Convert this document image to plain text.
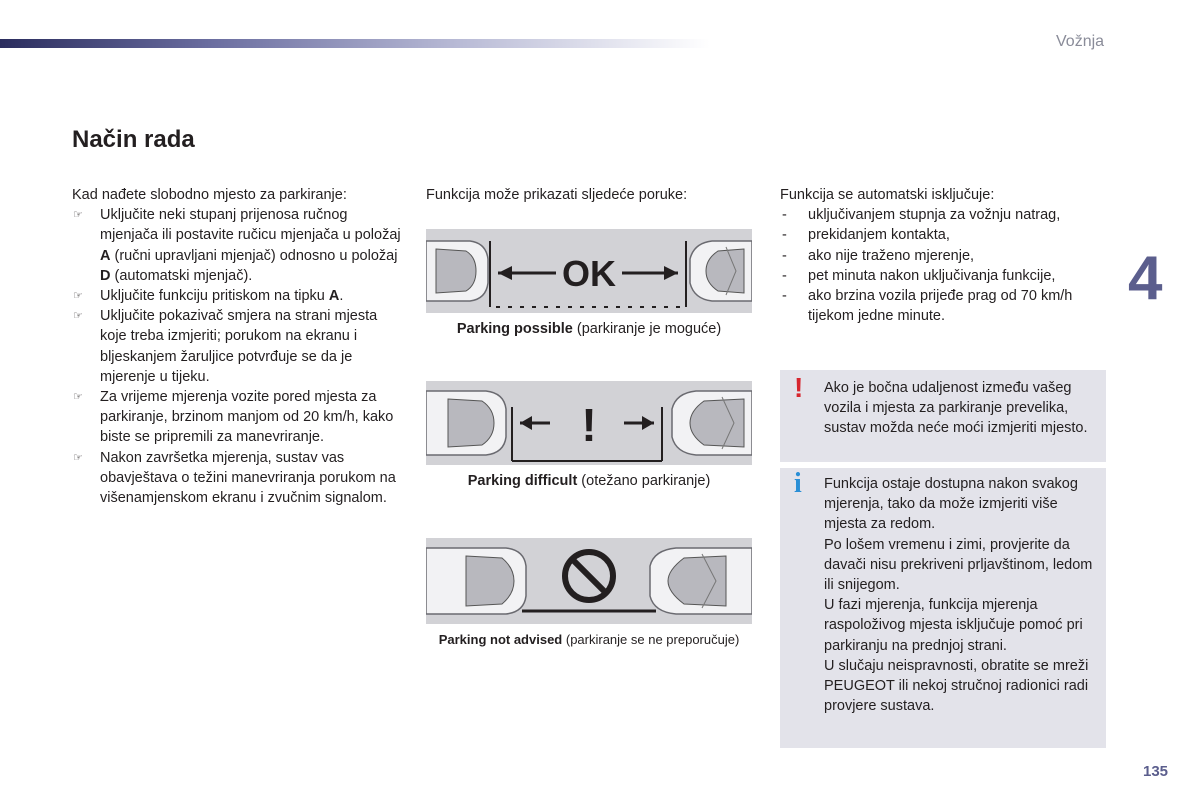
Vožnja
4
Način rada
Kad nađete slobodno mjesto za parkiranje:
☞ Uključite neki stupanj prijenosa ručnog mjenjača ili postavite ručicu mjenjača u položaj A (ručni upravljani mjenjač) odnosno u položaj D (automatski mjenjač).
☞ Uključite funkciju pritiskom na tipku A.
☞ Uključite pokazivač smjera na strani mjesta koje treba izmjeriti; porukom na ekranu i bljeskanjem žaruljice potvrđuje se da je mjerenje u tijeku.
☞ Za vrijeme mjerenja vozite pored mjesta za parkiranje, brzinom manjom od 20 km/h, kako biste se pripremili za manevriranje.
☞ Nakon završetka mjerenja, sustav vas obavještava o težini manevriranja porukom na višenamjenskom ekranu i zvučnim signalom.
Funkcija može prikazati sljedeće poruke:
OK
Parking possible (parkiranje je moguće)
!
Parking difficult (otežano parkiranje)
Parking not advised (parkiranje se ne preporučuje)
Funkcija se automatski isključuje:
- uključivanjem stupnja za vožnju natrag,
- prekidanjem kontakta,
- ako nije traženo mjerenje,
- pet minuta nakon uključivanja funkcije,
- ako brzina vozila prijeđe prag od 70 km/h tijekom jedne minute.
! Ako je bočna udaljenost između vašeg vozila i mjesta za parkiranje prevelika, sustav možda neće moći izmjeriti mjesto.
i Funkcija ostaje dostupna nakon svakog mjerenja, tako da može izmjeriti više mjesta za redom.
Po lošem vremenu i zimi, provjerite da davači nisu prekriveni prljavštinom, ledom ili snijegom.
U fazi mjerenja, funkcija mjerenja raspoloživog mjesta isključuje pomoć pri parkiranju na prednjoj strani.
U slučaju neispravnosti, obratite se mreži PEUGEOT ili nekoj stručnoj radionici radi provjere sustava.
135
